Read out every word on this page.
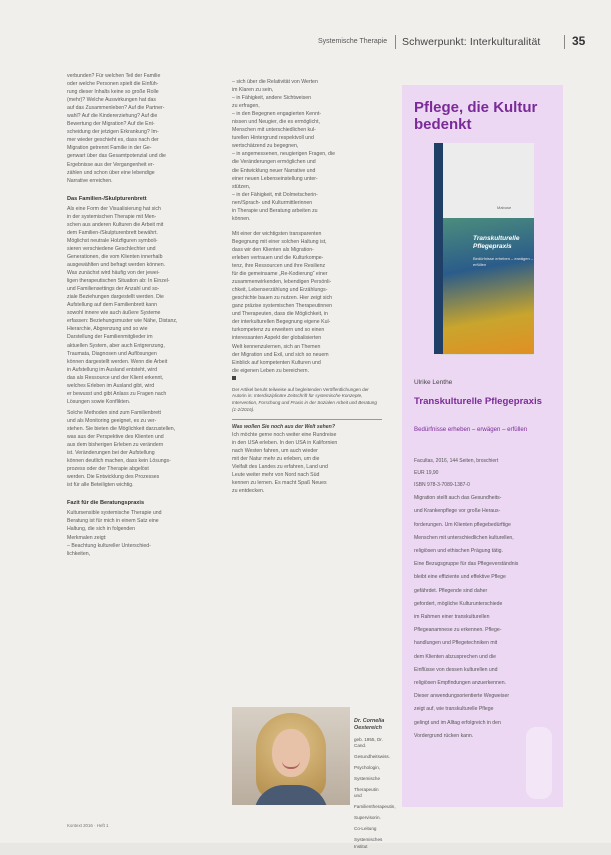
Systemische Therapie Schwerpunkt: Interkulturalität	35

verbunden? Für welchen Teil der Familie

oder welche Personen spielt die Einfüh-

rung dieser Inhalts keine so große Rolle

(mehr)? Welche Auswirkungen hat das

auf das Zusammenleben? Auf die Partner-

wahl? Auf die Kindererziehung? Auf die

Bewertung der Migration? Auf die Ent-

scheidung der jetzigen Erkrankung? Im-

mer wieder geschieht es, dass nach der

Migration getrennt Familie in der Ge-

genwart über das Gesamtpotenzial und die

Ergebnisse aus der Vergangenheit er-

zählen und schon über eine lebendige

Narrative erreichen.

Das Familien-/Skulpturenbrett

Als eine Form der Visualisierung hat sich

in der systemischen Therapie mit Men-

schen aus anderen Kulturen die Arbeit mit

dem Familien-/Skulpturenbrett bewährt.

Möglichst neutrale Holzfiguren symboli-

sieren verschiedene Geschlechter und

Generationen, die vom Klienten innerhalb

ausgewählten und befragt werden können.

Was zunächst wird häufig von der jewei-

ligen therapeutischen Situation ab: In Einzel-

und Familiensettings der Anzahl und so-

ziale Beziehungen dargestellt werden. Die

Aufstellung auf dem Familienbrett kann

sowohl innere wie auch äußere Systeme

erfassen: Beziehungsmuster wie Nähe, Distanz,

Hierarchie, Abgrenzung und so wie

Darstellung der Familienmitglieder im

aktuellen System, aber auch Entgrenzung,

Traumata, Diagnosen und Auflösungen

können dargestellt werden. Wenn die Arbeit

in Aufstellung im Ausland entsteht, wird

das als Ressource und der Klient erkennt,

welches Erleben im Ausland gibt, wird

er bewusst und gibt Anlass zu Fragen nach

Lösungen sowie Konflikten.

Solche Methoden sind zum Familienbrett

und als Monitoring geeignet, es zu ver-

stehen. Sie bieten die Möglichkeit darzustellen,

was aus der Perspektive des Klienten und

aus dem bisherigen Erleben zu verändern

ist. Veränderungen bei der Aufstellung

können deutlich machen, dass kein Lösungs-

prozess oder der Therapie abgelöst

werden. Die Entwicklung des Prozesses

ist für alle Beteiligten wichtig.

Fazit für die Beratungspraxis

Kultursensible systemische Therapie und

Beratung ist für mich in einem Satz eine

Haltung, die sich in folgenden

Merkmalen zeigt:

– Beachtung kultureller Unterschied-

lichkeiten,

– sich über die Relativität von Werten

im Klaren zu sein,

– in Fähigkeit, andere Sichtweisen

zu erfragen,

– in den Begegnen engagierten Kennt-

nissen und Neugier, die es ermöglicht,

Menschen mit unterschiedlichen kul-

turellen Hintergrund respektvoll und

wertschätzend zu begegnen,

– in angemessenen, neugierigen Fragen, die

die Veränderungen ermöglichen und

die Entwicklung neuer Narrative und

einer neuen Lebenseinstellung unter-

stützen,

– in der Fähigkeit, mit Dolmetscherin-

nen/Sprach- und Kulturmittlerinnen

in Therapie und Beratung arbeiten zu

können.

Mit einer der wichtigsten transparenten

Begegnung mit einer solchen Haltung ist,

dass wir den Klienten als Migration-

erleben vertrauen und die Kulturkompe-

tenz, ihre Ressourcen und ihre Resilienz

für die gemeinsame „Re-Kodierung“ einer

zusammenwirkenden, lebendigen Persönli-

chkeit, Lebenserzählung und Erzählungs-

geschichte bauen zu nutzen. Hier zeigt sich

ganz präzise systemischen Therapeutinnen

und Therapeuten, dass die Möglichkeit, in

der interkulturellen Begegnung eigene Kul-

turkompetenz zu erweitern und so einen

interessanten Aspekt der globalisierten

Welt kennenzulernen, sich an Themen

der Migration und Exil, und sich so neuem

Einblick auf kompetenten Kulturen und

die eigenen Leben zu bereichern.

Der Artikel beruht teilweise auf begleitenden Veröffentlichungen der Autorin in: Interdisziplinäre Zeitschrift für systemische Konzepte, Intervention, Forschung und Praxis in der Sozialen Arbeit und Beratung (1-2/2016).

Was wollen Sie noch aus der Welt sehen?

Ich möchte gerne noch weiter eine Rundreise

in den USA erleben. In den USA in Kalifornien

nach Westen fahren, um auch wieder

mit der Natur mehr zu erleben, um die

Vielfalt des Landes zu erfahren, Land und

Leute weiter mehr von Nord nach Süd

kennen zu lernen. Es macht Spaß Neues

zu entdecken.

Dr. Cornelia Oestereich

geb. 1955, Dr. Cand.

Gesundheitswiss.

Psychologin,

Systemische

Therapeutin und

Familientherapeutin,

Supervisorin.

Co-Leitung

Systemisches Institut

Kontext 2016 · Heft 1
Pflege, die Kultur bedenkt
Mabuse
Transkulturelle Pflegepraxis
Bedürfnisse erheben – erwägen – erfüllen
Ulrike Lenthe
Transkulturelle Pflegepraxis
Bedürfnisse erheben – erwägen – erfüllen

Facultas, 2016, 144 Seiten, broschiert

EUR 19,90

ISBN 978-3-7089-1387-0

Migration stellt auch das Gesundheits-

und Krankenpflege vor große Heraus-

forderungen. Um Klienten pflegebedürftige

Menschen mit unterschiedlichen kulturellen,

religiösen und ethischen Prägung tätig.

Eine Bezugsgruppe für das Pflegeverständnis

bleibt eine effiziente und effektive Pflege

gefährdet. Pflegende sind daher

gefordert, mögliche Kulturunterschiede

im Rahmen einer transkulturellen

Pflegeanamnese zu erkennen. Pflege-

handlungen und Pflegetechniken mit

dem Klienten abzusprechen und die

Einflüsse von dessen kulturellen und

religiösen Empfindungen anzuerkennen.

Dieser anwendungsorientierte Wegweiser

zeigt auf, wie transkulturelle Pflege

gelingt und im Alltag erfolgreich in den

Vordergrund rücken kann.
